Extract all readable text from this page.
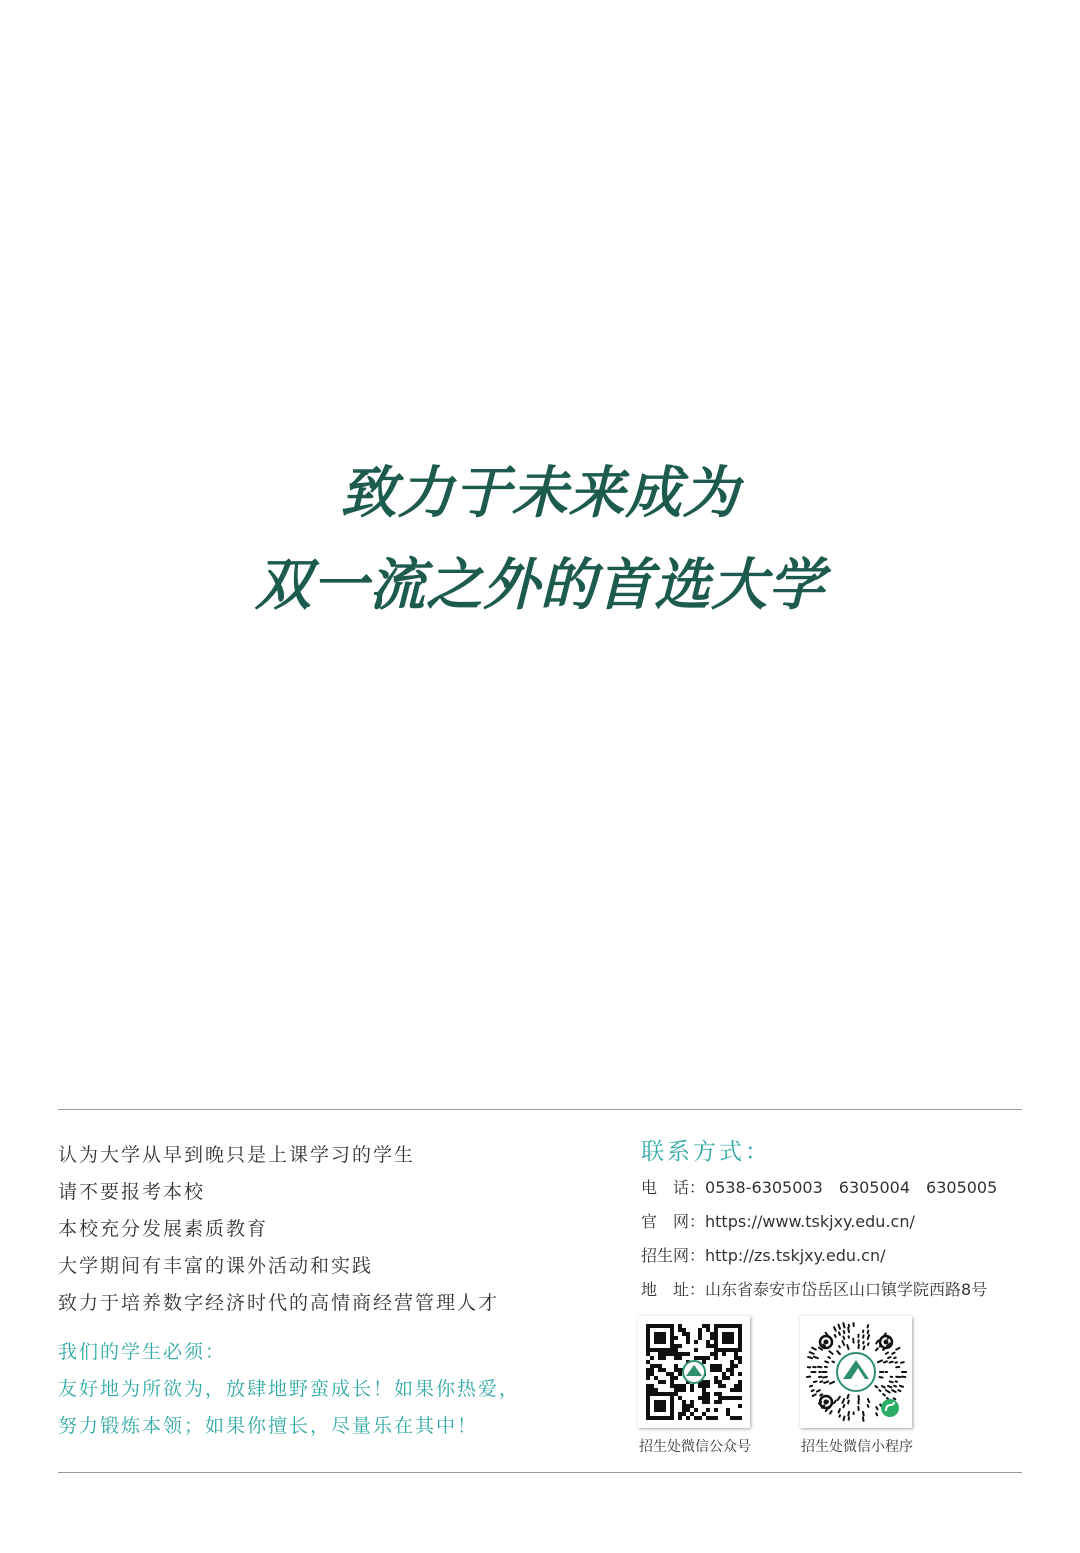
致力于未来成为
双一流之外的首选大学
认为大学从早到晚只是上课学习的学生
请不要报考本校
本校充分发展素质教育
大学期间有丰富的课外活动和实践
致力于培养数字经济时代的高情商经营管理人才
我们的学生必须：
友好地为所欲为，放肆地野蛮成长！如果你热爱，
努力锻炼本领；如果你擅长，尽量乐在其中！
联系方式：
电　话：0538-6305003　6305004　6305005
官　网：https://www.tskjxy.edu.cn/
招生网：http://zs.tskjxy.edu.cn/
地　址：山东省泰安市岱岳区山口镇学院西路8号
招生处微信公众号	招生处微信小程序
